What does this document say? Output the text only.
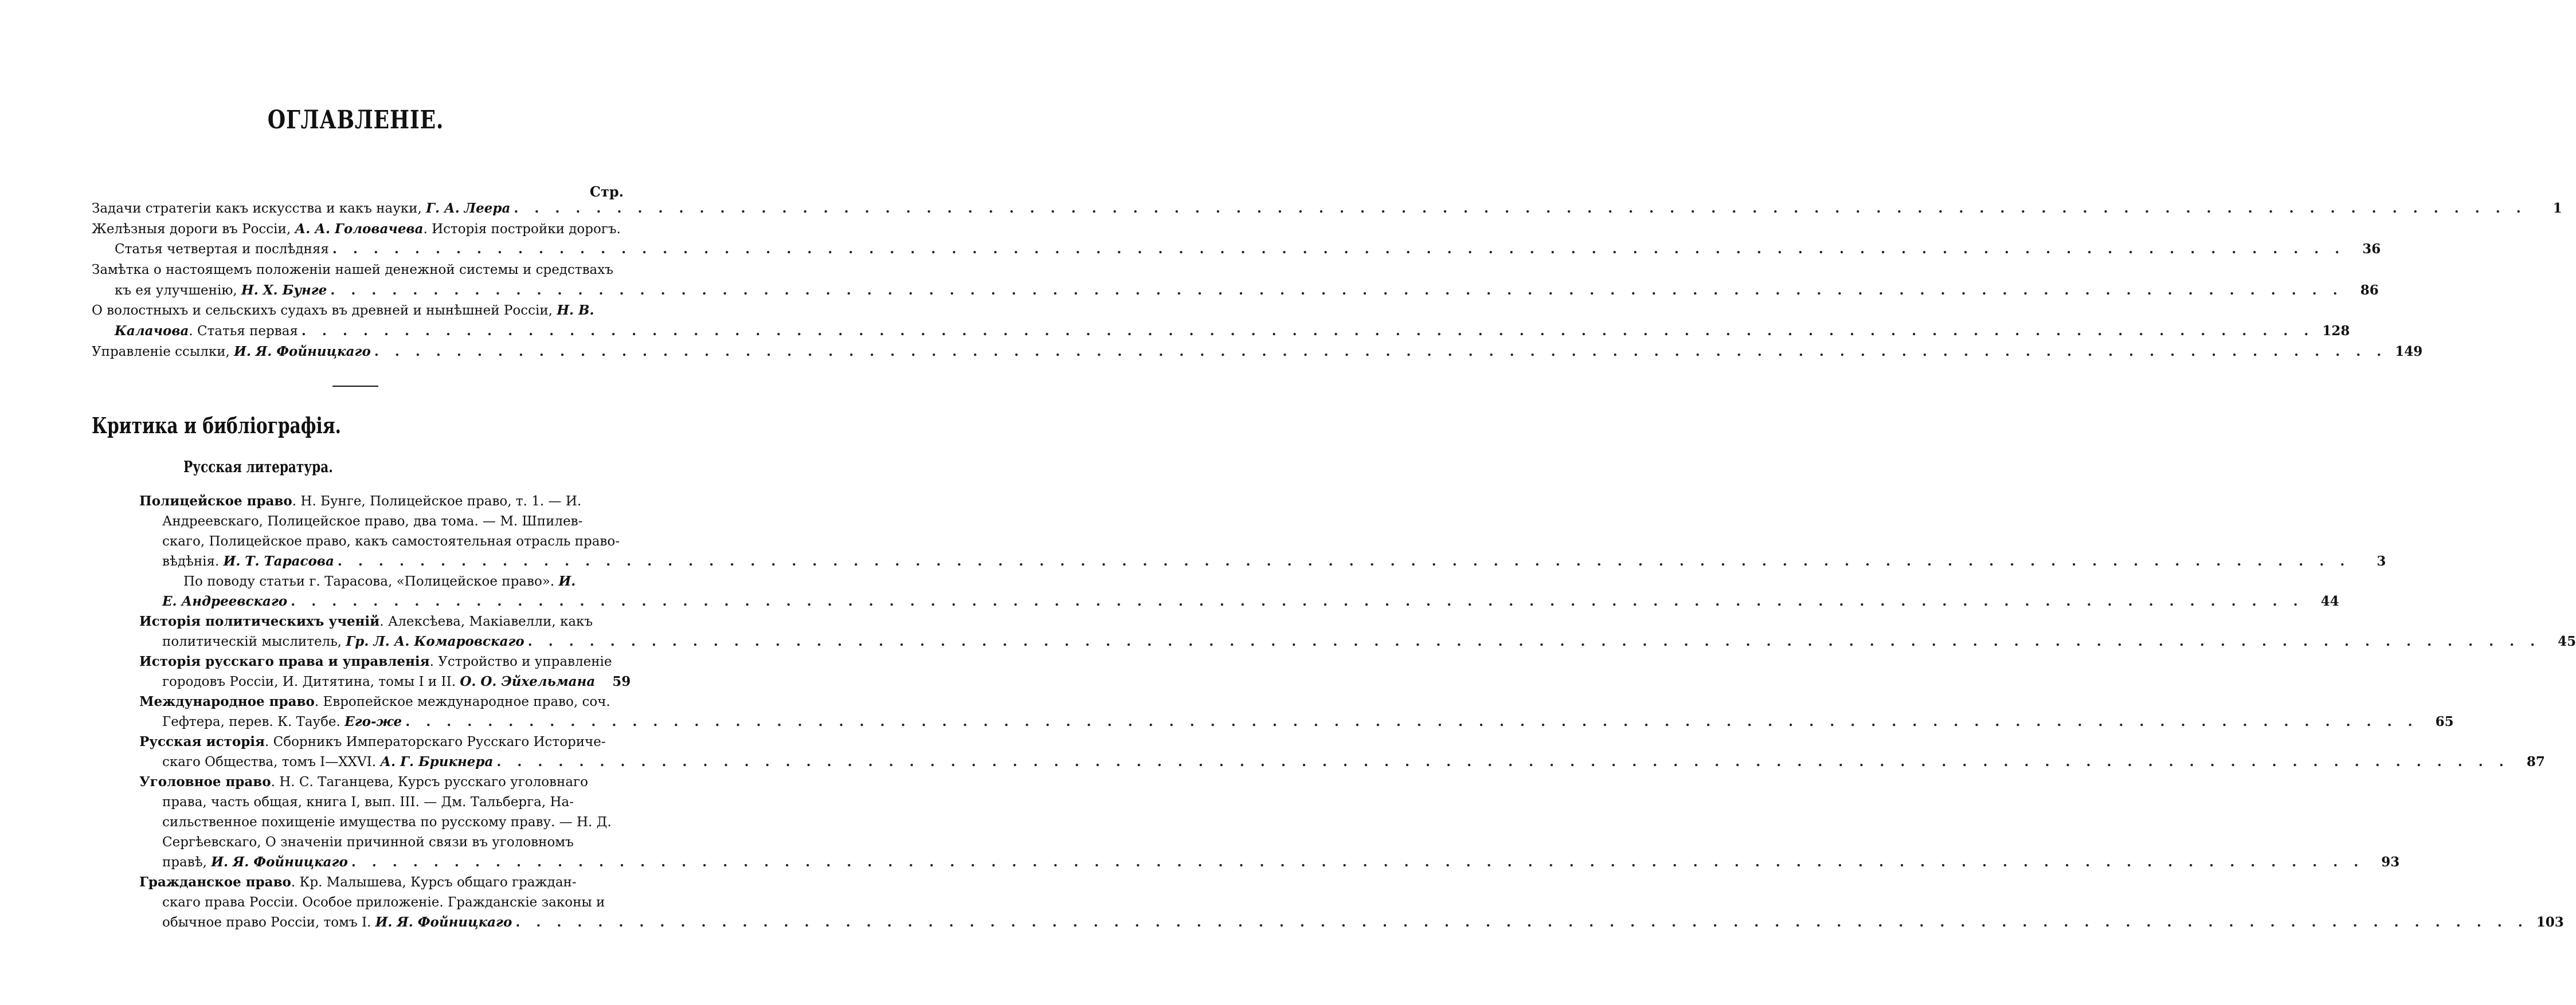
ОГЛАВЛЕНІЕ.
Стр.
Задачи стратегіи какъ искусства и какъ науки, Г. А. Леера . . .	1
Желѣзныя дороги въ Россіи, А. А. Головачева. Исторія постройки дорогъ.
Статья четвертая и послѣдняя . . .	36
Замѣтка о настоящемъ положеніи нашей денежной системы и средствахъ
къ ея улучшенію, Н. Х. Бунге . . .	86
О волостныхъ и сельскихъ судахъ въ древней и нынѣшней Россіи, Н. В.
Калачова. Статья первая . . .	128
Управленіе ссылки, И. Я. Фойницкаго . . .	149
Критика и библіографія.
Русская литература.
Полицейское право. Н. Бунге, Полицейское право, т. 1. — И.
Андреевскаго, Полицейское право, два тома. — М. Шпилев-
скаго, Полицейское право, какъ самостоятельная отрасль право-
вѣдѣнія. И. Т. Тарасова . . .	3
По поводу статьи г. Тарасова, «Полицейское право». И.
Е. Андреевскаго . . .	44
Исторія политическихъ ученій. Алексѣева, Макіавелли, какъ
политическій мыслитель, Гр. Л. А. Комаровскаго . . .	45
Исторія русскаго права и управленія. Устройство и управленіе
городовъ Россіи, И. Дитятина, томы I и II. О. О. Эйхельмана	59
Международное право. Европейское международное право, соч.
Гефтера, перев. К. Таубе. Его-же . . .	65
Русская исторія. Сборникъ Императорскаго Русскаго Историче-
скаго Общества, томъ I—XXVI. А. Г. Брикнера . . .	87
Уголовное право. Н. С. Таганцева, Курсъ русскаго уголовнаго
права, часть общая, книга I, вып. III. — Дм. Тальберга, На-
сильственное похищеніе имущества по русскому праву. — Н. Д.
Сергѣевскаго, О значеніи причинной связи въ уголовномъ
правѣ, И. Я. Фойницкаго . . .	93
Гражданское право. Кр. Малышева, Курсъ общаго граждан-
скаго права Россіи. Особое приложеніе. Гражданскіе законы и
обычное право Россіи, томъ I. И. Я. Фойницкаго . . .	103
